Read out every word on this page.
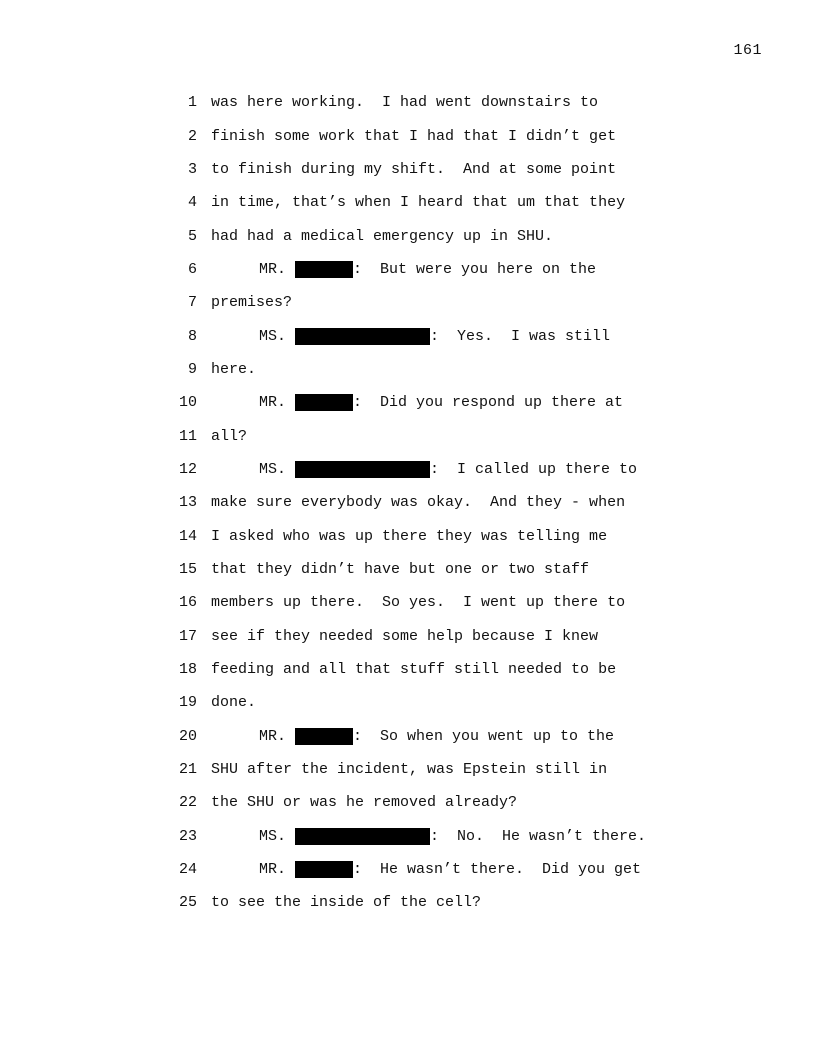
161
1 was here working.  I had went downstairs to
2 finish some work that I had that I didn’t get
3 to finish during my shift.  And at some point
4 in time, that’s when I heard that um that they
5 had had a medical emergency up in SHU.
6	MR.	:  But were you here on the
7 premises?
8	MS.	:  Yes.  I was still
9 here.
10	MR.	:  Did you respond up there at
11 all?
12	MS.	:  I called up there to
13 make sure everybody was okay.  And they - when
14 I asked who was up there they was telling me
15 that they didn’t have but one or two staff
16 members up there.  So yes.  I went up there to
17 see if they needed some help because I knew
18 feeding and all that stuff still needed to be
19 done.
20	MR.	:  So when you went up to the
21 SHU after the incident, was Epstein still in
22 the SHU or was he removed already?
23	MS.	:  No.  He wasn’t there.
24	MR.	:  He wasn’t there.  Did you get
25 to see the inside of the cell?
